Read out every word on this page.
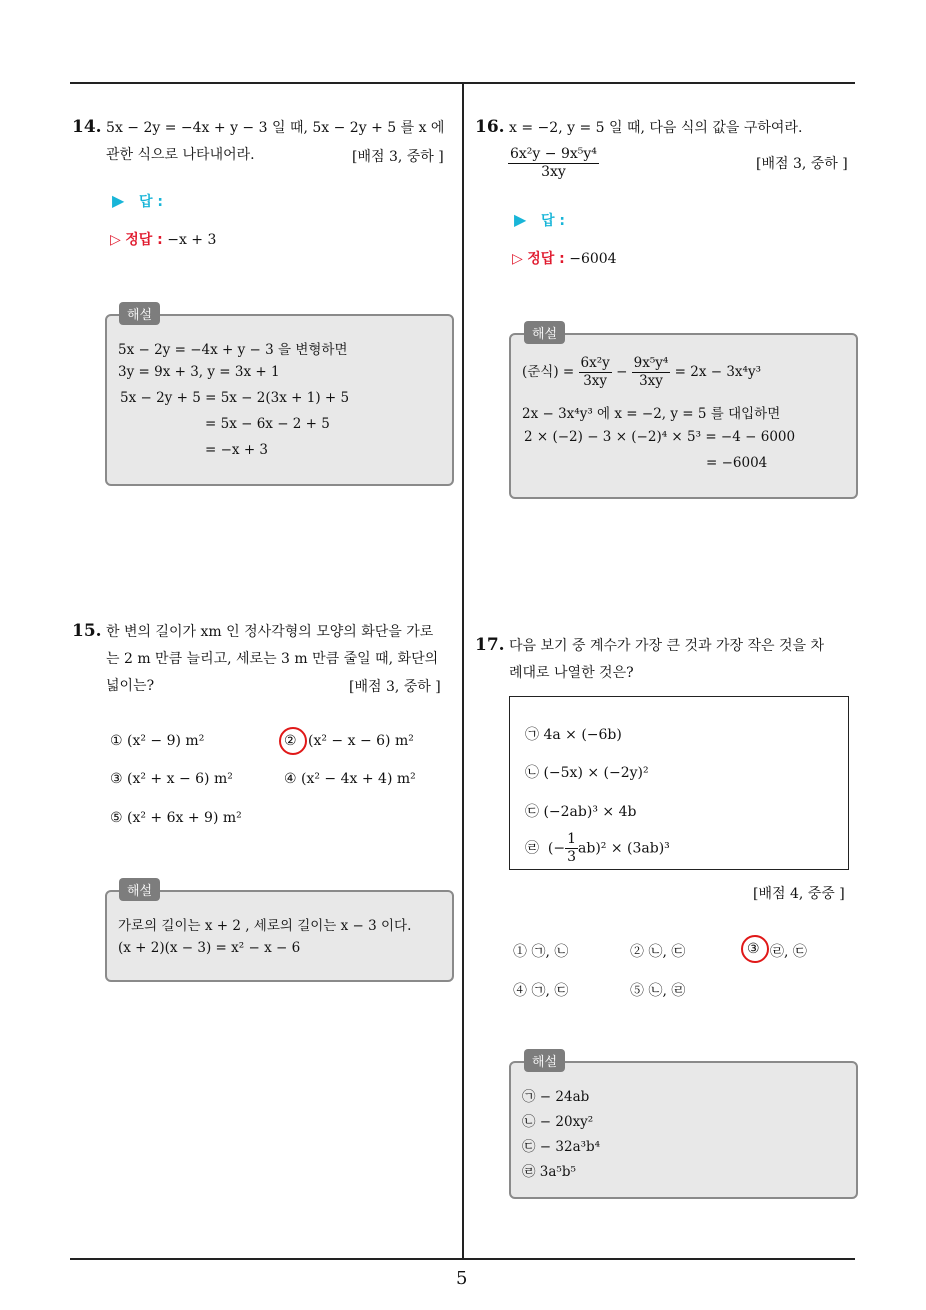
14. 5x − 2y = −4x + y − 3 일 때, 5x − 2y + 5 를 x 에
관한 식으로 나타내어라.	[배점 3, 중하 ]
▶ 답 :
▷ 정답 : −x + 3
5x − 2y = −4x + y − 3 을 변형하면
3y = 9x + 3, y = 3x + 1
5x − 2y + 5 = 5x − 2(3x + 1) + 5
= 5x − 6x − 2 + 5
= −x + 3
해설
15. 한 변의 길이가 xm 인 정사각형의 모양의 화단을 가로
는 2 m 만큼 늘리고, 세로는 3 m 만큼 줄일 때, 화단의
넓이는?	[배점 3, 중하 ]
① (x² − 9) m²	② (x² − x − 6) m²
③ (x² + x − 6) m²	④ (x² − 4x + 4) m²
⑤ (x² + 6x + 9) m²
가로의 길이는 x + 2 , 세로의 길이는 x − 3 이다.
(x + 2)(x − 3) = x² − x − 6
해설
16. x = −2, y = 5 일 때, 다음 식의 값을 구하여라.
$\frac{\text{6x²y − 9x⁵y⁴}}{3xy}$	[배점 3, 중하 ]
▶ 답 :
▷ 정답 : −6004
(준식) = $\frac{\text{6x²y}}{3xy} - \frac{\text{9x⁵y⁴}}{3xy} = 2x - 3x^4y^3$
2x − 3x⁴y³ 에 x = −2, y = 5 를 대입하면
2 × (−2) − 3 × (−2)⁴ × 5³ = −4 − 6000
= −6004
해설
17. 다음 보기 중 계수가 가장 큰 것과 가장 작은 것을 차
례대로 나열한 것은?
㉠ 4a × (−6b)
㉡ (−5x) × (−2y)²
㉢ (−2ab)³ × 4b
㉣ (− $\frac{1}{3} ab)^2 \times (3ab)^3$
[배점 4, 중중 ]
① ㉠, ㉡	② ㉡, ㉢	③ ㉣, ㉢
④ ㉠, ㉢	⑤ ㉡, ㉣
㉠ − 24ab
㉡ − 20xy²
㉢ − 32a³b⁴
㉣ 3a⁵b⁵
해설
5
